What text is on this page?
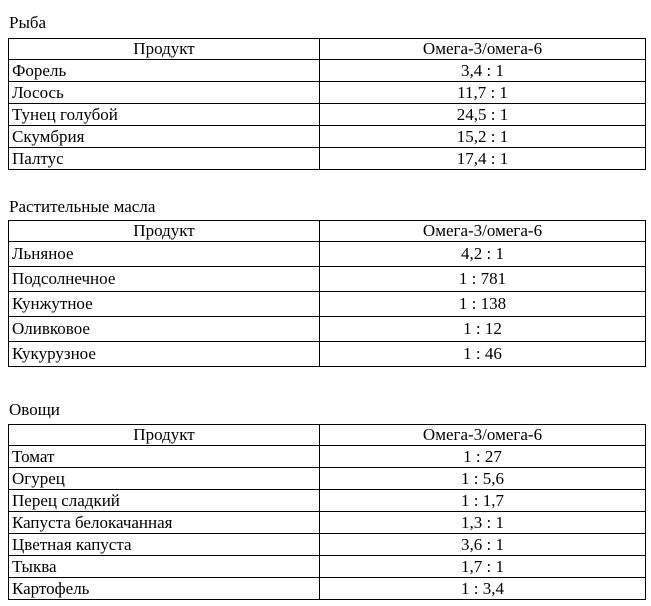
Рыба
Продукт	Омега-3/омега-6
Форель	3,4 : 1
Лосось	11,7 : 1
Тунец голубой	24,5 : 1
Скумбрия	15,2 : 1
Палтус	17,4 : 1
Растительные масла
Продукт	Омега-3/омега-6
Льняное	4,2 : 1
Подсолнечное	1 : 781
Кунжутное	1 : 138
Оливковое	1 : 12
Кукурузное	1 : 46
Овощи
Продукт	Омега-3/омега-6
Томат	1 : 27
Огурец	1 : 5,6
Перец сладкий	1 : 1,7
Капуста белокачанная	1,3 : 1
Цветная капуста	3,6 : 1
Тыква	1,7 : 1
Картофель	1 : 3,4
